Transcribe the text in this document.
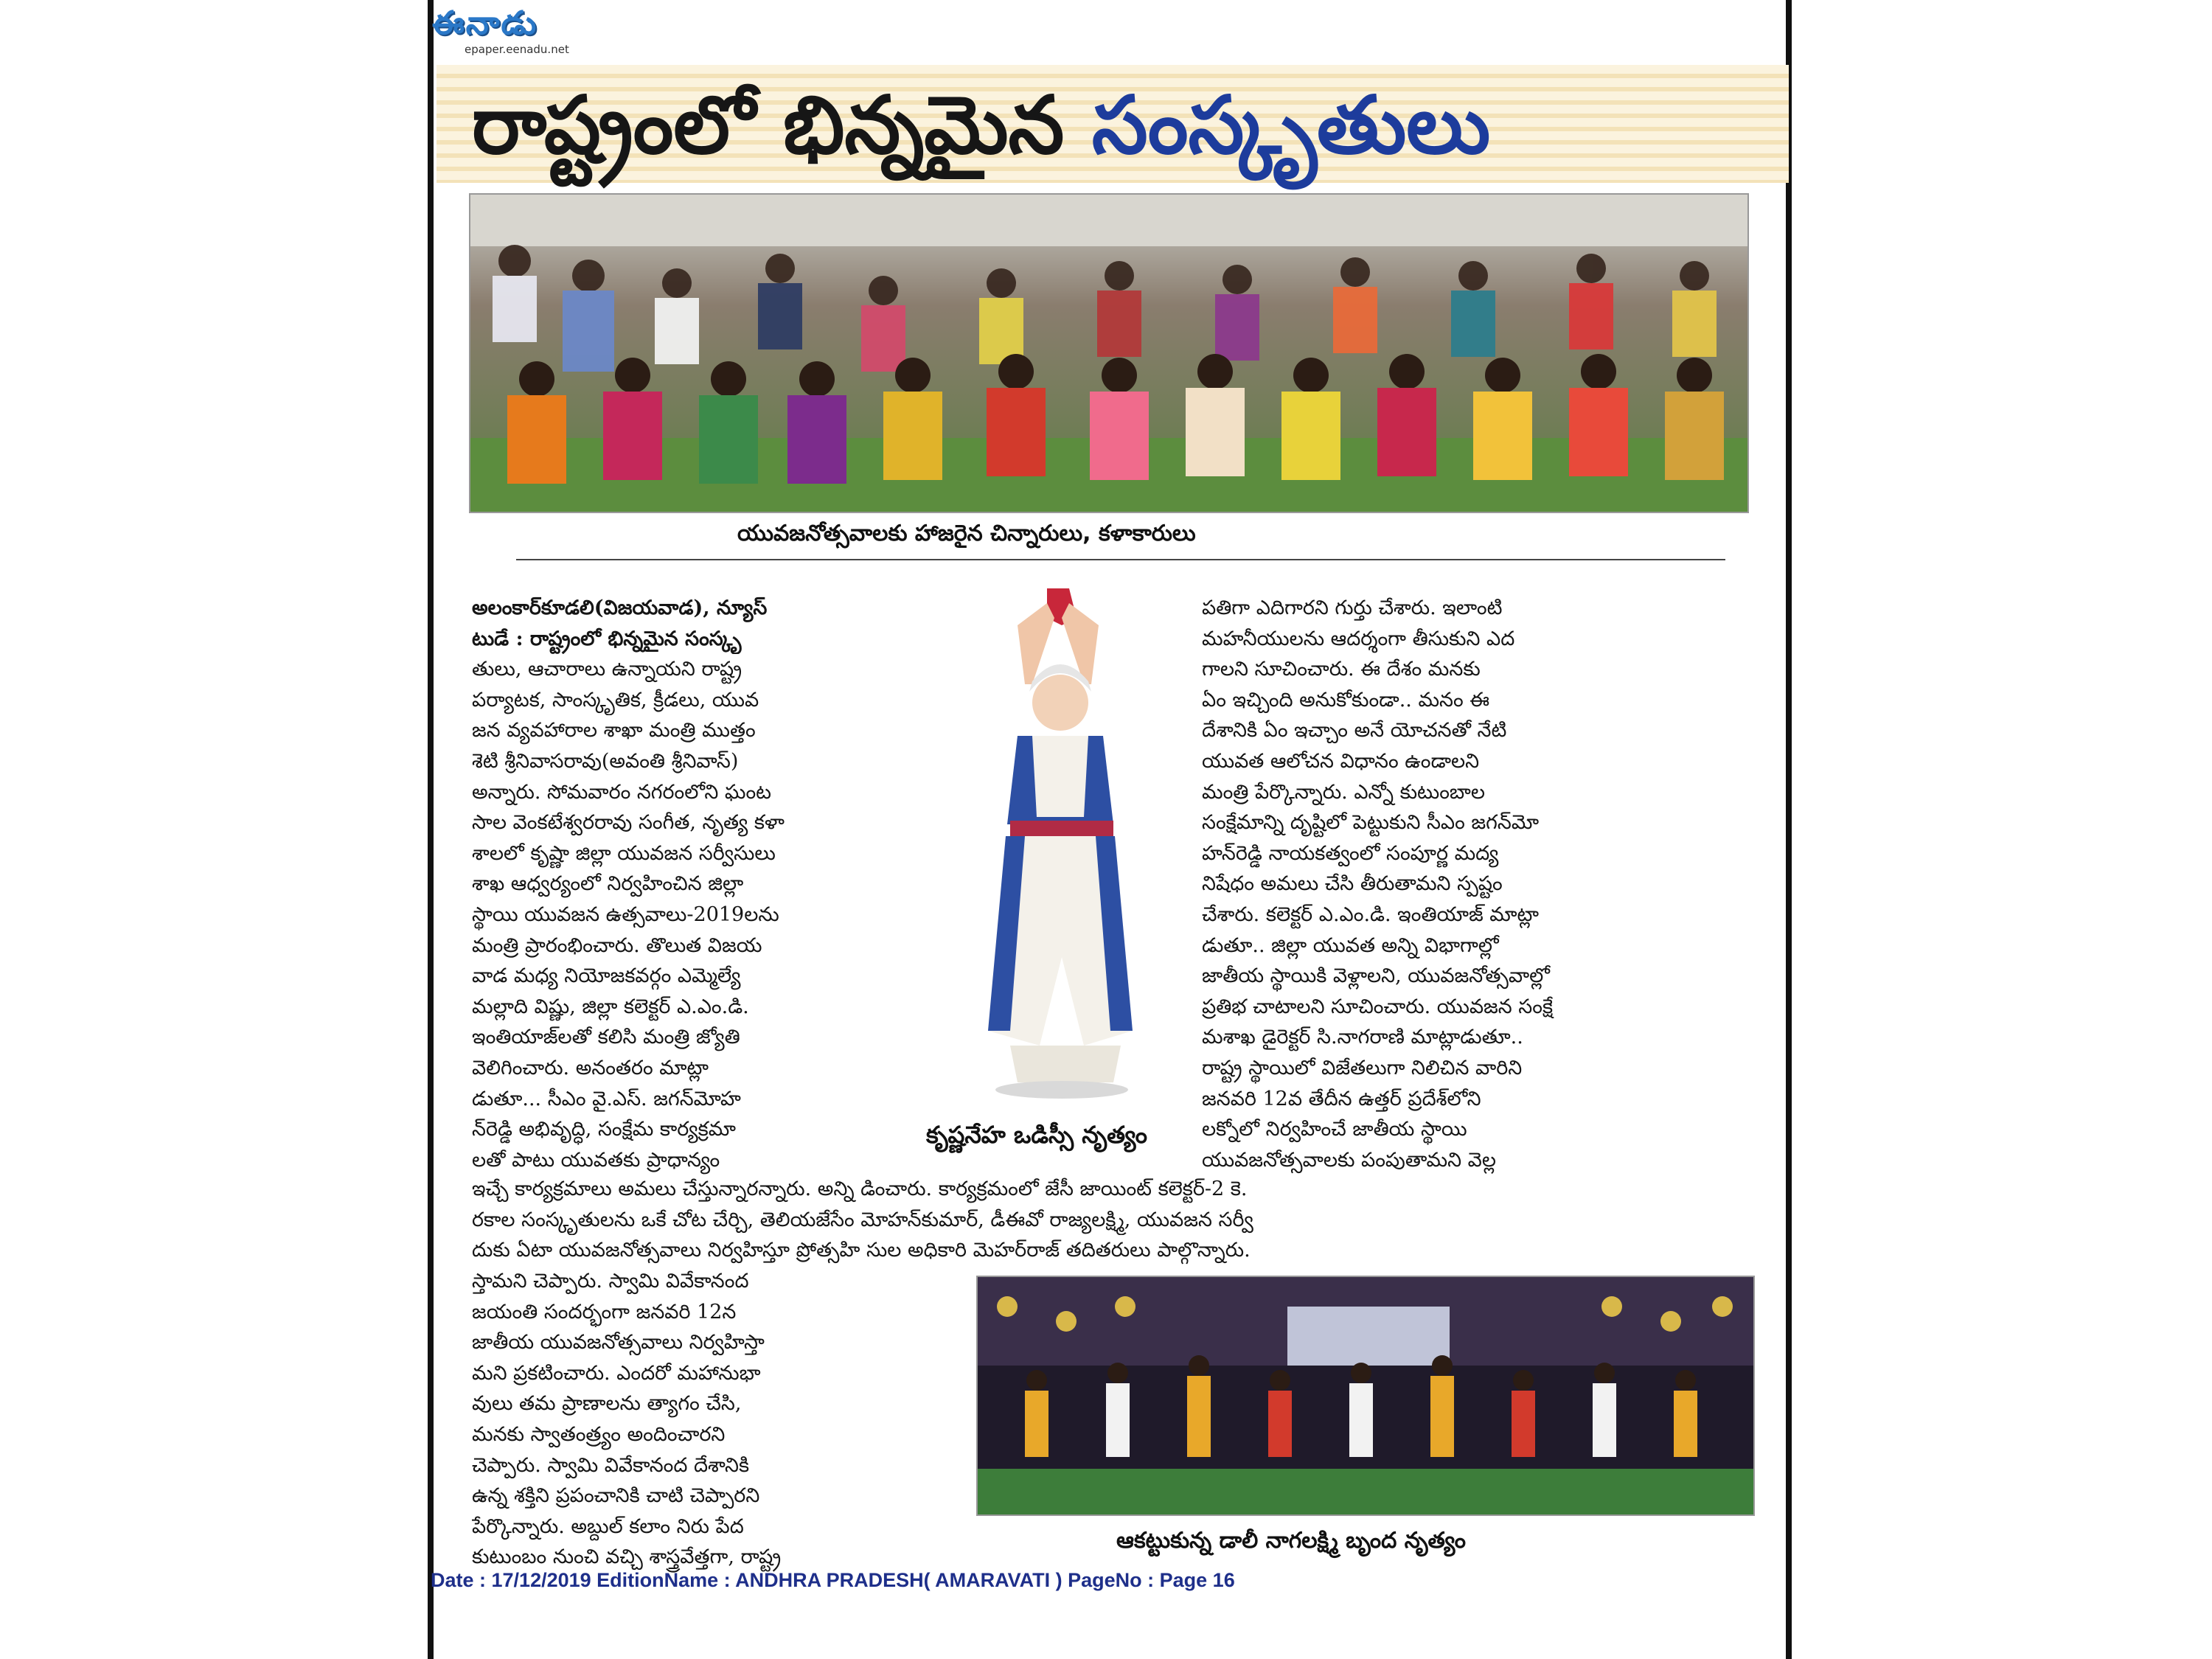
ఈనాడు
epaper.eenadu.net
రాష్ట్రంలో భిన్నమైన సంస్కృతులు
యువజనోత్సవాలకు హాజరైన చిన్నారులు, కళాకారులు
అలంకార్‌కూడలి(విజయవాడ), న్యూస్
టుడే : రాష్ట్రంలో భిన్నమైన సంస్కృ
తులు, ఆచారాలు ఉన్నాయని రాష్ట్ర
పర్యాటక, సాంస్కృతిక, క్రీడలు, యువ
జన వ్యవహారాల శాఖా మంత్రి ముత్తం
శెటి శ్రీనివాసరావు(అవంతి శ్రీనివాస్)
అన్నారు. సోమవారం నగరంలోని ఘంట
సాల వెంకటేశ్వరరావు సంగీత, నృత్య కళా
శాలలో కృష్ణా జిల్లా యువజన సర్వీసులు
శాఖ ఆధ్వర్యంలో నిర్వహించిన జిల్లా
స్థాయి యువజన ఉత్సవాలు-2019లను
మంత్రి ప్రారంభించారు. తొలుత విజయ
వాడ మధ్య నియోజకవర్గం ఎమ్మెల్యే
మల్లాది విష్ణు, జిల్లా కలెక్టర్ ఎ.ఎం.డి.
ఇంతియాజ్‌లతో కలిసి మంత్రి జ్యోతి
వెలిగించారు. అనంతరం మాట్లా
డుతూ... సీఎం వై.ఎస్. జగన్‌మోహ
న్‌రెడ్డి అభివృద్ధి, సంక్షేమ కార్యక్రమా
లతో పాటు యువతకు ప్రాధాన్యం
కృష్ణనేహ ఒడిస్సీ నృత్యం
పతిగా ఎదిగారని గుర్తు చేశారు. ఇలాంటి
మహనీయులను ఆదర్శంగా తీసుకుని ఎద
గాలని సూచించారు. ఈ దేశం మనకు
ఏం ఇచ్చింది అనుకోకుండా.. మనం ఈ
దేశానికి ఏం ఇచ్చాం అనే యోచనతో నేటి
యువత ఆలోచన విధానం ఉండాలని
మంత్రి పేర్కొన్నారు. ఎన్నో కుటుంబాల
సంక్షేమాన్ని దృష్టిలో పెట్టుకుని సీఎం జగన్‌మో
హన్‌రెడ్డి నాయకత్వంలో సంపూర్ణ మద్య
నిషేధం అమలు చేసి తీరుతామని స్పష్టం
చేశారు. కలెక్టర్ ఎ.ఎం.డి. ఇంతియాజ్ మాట్లా
డుతూ.. జిల్లా యువత అన్ని విభాగాల్లో
జాతీయ స్థాయికి వెళ్లాలని, యువజనోత్సవాల్లో
ప్రతిభ చాటాలని సూచించారు. యువజన సంక్షే
మశాఖ డైరెక్టర్ సి.నాగరాణి మాట్లాడుతూ..
రాష్ట్ర స్థాయిలో విజేతలుగా నిలిచిన వారిని
జనవరి 12వ తేదీన ఉత్తర్ ప్రదేశ్‌లోని
లక్నోలో నిర్వహించే జాతీయ స్థాయి
యువజనోత్సవాలకు పంపుతామని వెల్ల
ఇచ్చే కార్యక్రమాలు అమలు చేస్తున్నారన్నారు. అన్ని డించారు. కార్యక్రమంలో జేసీ జాయింట్ కలెక్టర్-2 కె.
రకాల సంస్కృతులను ఒకే చోట చేర్చి, తెలియజేసేం మోహన్‌కుమార్, డీఈవో రాజ్యలక్ష్మి, యువజన సర్వీ
దుకు ఏటా యువజనోత్సవాలు నిర్వహిస్తూ ప్రోత్సహి సుల అధికారి మెహర్‌రాజ్ తదితరులు పాల్గొన్నారు.
స్తామని చెప్పారు. స్వామి వివేకానంద
జయంతి సందర్భంగా జనవరి 12న
జాతీయ యువజనోత్సవాలు నిర్వహిస్తా
మని ప్రకటించారు. ఎందరో మహానుభా
వులు తమ ప్రాణాలను త్యాగం చేసి,
మనకు స్వాతంత్ర్యం అందించారని
చెప్పారు. స్వామి వివేకానంద దేశానికి
ఉన్న శక్తిని ప్రపంచానికి చాటి చెప్పారని
పేర్కొన్నారు. అబ్దుల్ కలాం నిరు పేద
కుటుంబం నుంచి వచ్చి శాస్త్రవేత్తగా, రాష్ట్ర
ఆకట్టుకున్న డాలీ నాగలక్ష్మి బృంద నృత్యం
Date : 17/12/2019 EditionName : ANDHRA PRADESH( AMARAVATI ) PageNo : Page 16
